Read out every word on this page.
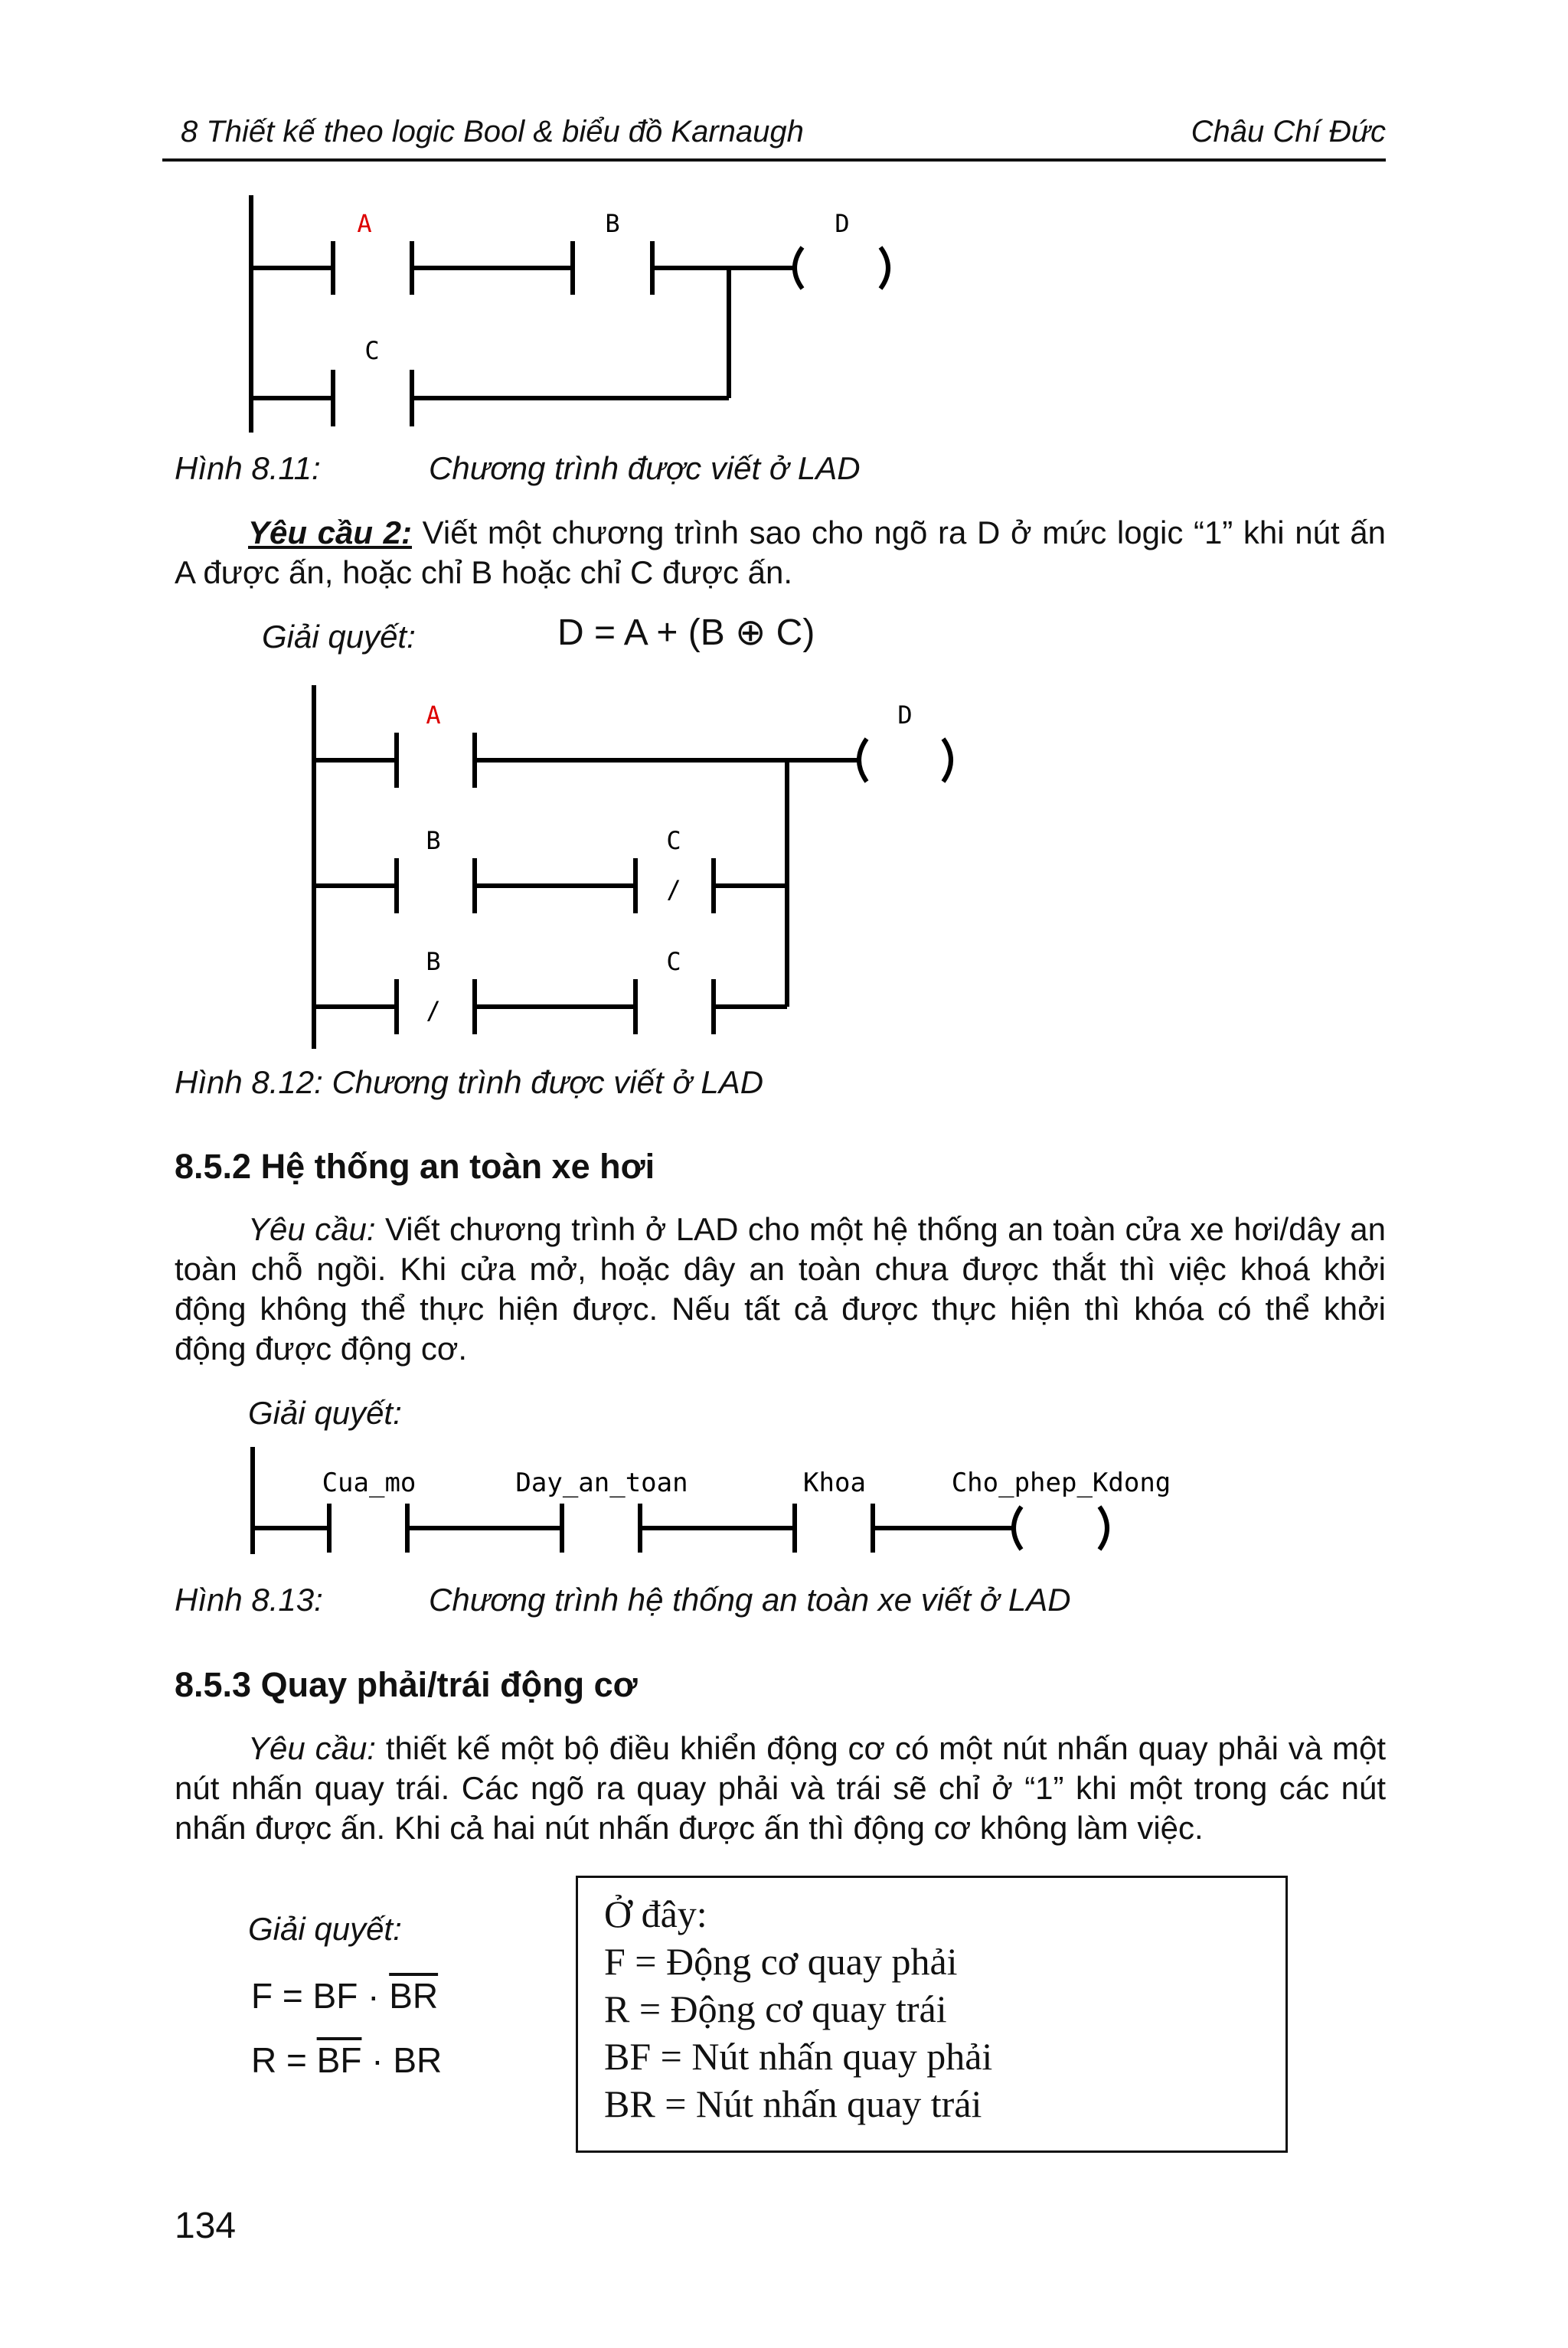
8 Thiết kế theo logic Bool & biểu đồ Karnaugh	Châu Chí Đức
A	B	D
C
Hình 8.11:	Chương trình được viết ở LAD
Yêu cầu 2: Viết một chương trình sao cho ngõ ra D ở mức logic “1” khi nút ấn A được ấn, hoặc chỉ B hoặc chỉ C được ấn.
Giải quyết:	D = A + (B ⊕ C)
A	D
B	C
/
B
/
C
Hình 8.12: Chương trình được viết ở LAD
8.5.2 Hệ thống an toàn xe hơi
Yêu cầu: Viết chương trình ở LAD cho một hệ thống an toàn cửa xe hơi/dây an toàn chỗ ngồi. Khi cửa mở, hoặc dây an toàn chưa được thắt thì việc khoá khởi động không thể thực hiện được. Nếu tất cả được thực hiện thì khóa có thể khởi động được động cơ.
Giải quyết:
Cua_mo	Day_an_toan	Khoa	Cho_phep_Kdong
Hình 8.13:	Chương trình hệ thống an toàn xe viết ở LAD
8.5.3 Quay phải/trái động cơ
Yêu cầu: thiết kế một bộ điều khiển động cơ có một nút nhấn quay phải và một nút nhấn quay trái. Các ngõ ra quay phải và trái sẽ chỉ ở “1” khi một trong các nút nhấn được ấn. Khi cả hai nút nhấn được ấn thì động cơ không làm việc.
Giải quyết:
F = BF · $\overline{BR}$
$R = \overline{BF}$ · BR
Ở đây:
F = Động cơ quay phải
R = Động cơ quay trái
BF = Nút nhấn quay phải
BR = Nút nhấn quay trái
134
